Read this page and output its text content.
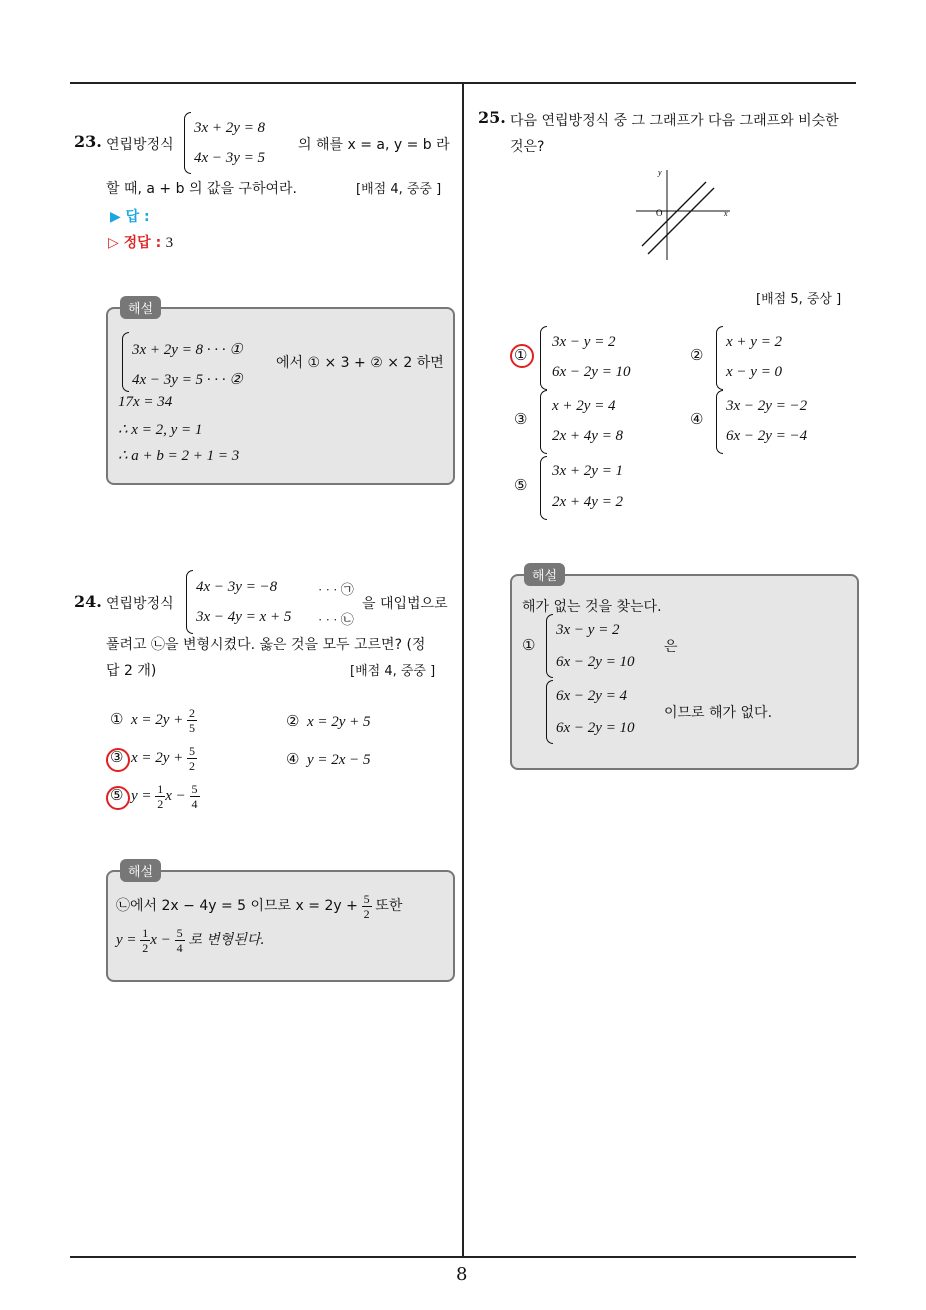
8
23. 연립방정식
3x + 2y = 8
4x − 3y = 5
의 해를 x = a, y = b 라
할 때, a + b 의 값을 구하여라.	[배점 4, 중중 ]
▶ 답 :
▷ 정답 : 3
해설
3x + 2y = 8 · · · ①
4x − 3y = 5 · · · ②
에서 ① × 3 + ② × 2 하면
17x = 34
∴ x = 2, y = 1
∴ a + b = 2 + 1 = 3
24. 연립방정식
4x − 3y = −8	· · · ㉠
3x − 4y = x + 5 · · · ㉡
을 대입법으로
풀려고 ㉡을 변형시켰다. 옳은 것을 모두 고르면? (정
답 2 개)	[배점 4, 중중 ]
① $x = 2y + \frac{2}{5}$	② x = 2y + 5
③ $x = 2y + \frac{5}{2}$	④ y = 2x − 5
⑤ $y = \frac{1}{2}$ $x - \frac{5}{4}$
해설
㉡에서 2x − 4y = 5 이므로 $x = 2y + \frac{5}{2}$ 또한
$y = \frac{1}{2}$ $x - \frac{5}{4}$ 로 변형된다.
25. 다음 연립방정식 중 그 그래프가 다음 그래프와 비슷한
것은?
y
x
O
[배점 5, 중상 ]
①
3x − y = 2
6x − 2y = 10
②
x + y = 2
x − y = 0
③
x + 2y = 4
2x + 4y = 8
④
3x − 2y = −2
6x − 2y = −4
⑤
3x + 2y = 1
2x + 4y = 2
해설
해가 없는 것을 찾는다.
①
3x − y = 2
6x − 2y = 10
은
6x − 2y = 4
6x − 2y = 10
이므로 해가 없다.
